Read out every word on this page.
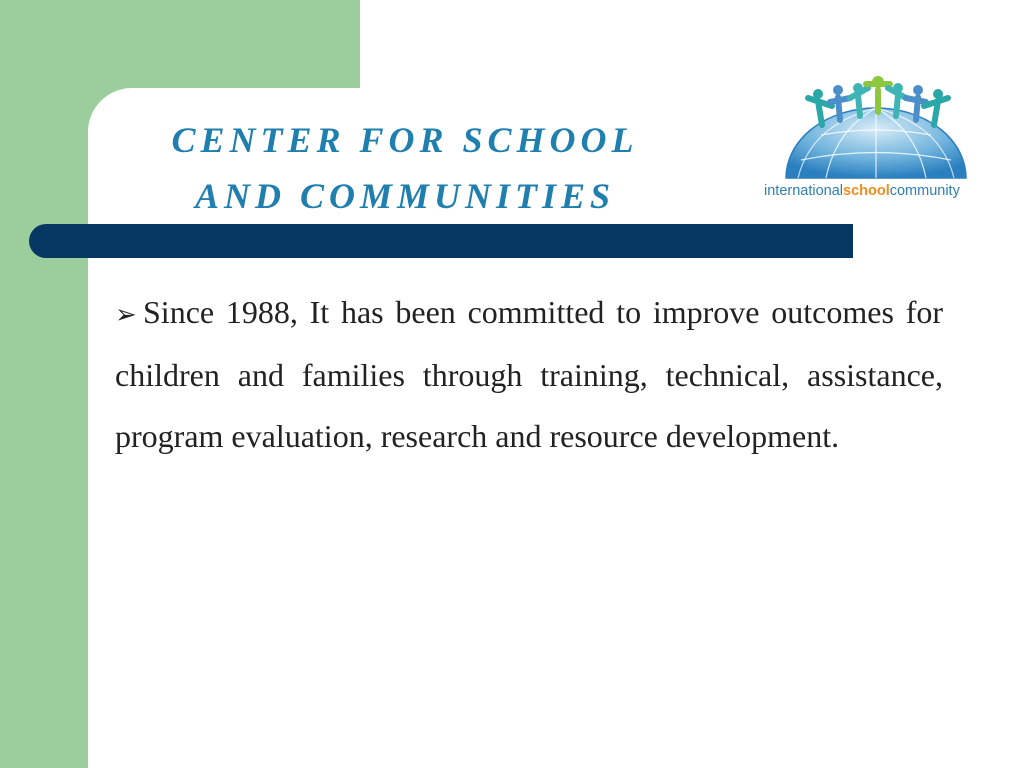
CENTER FOR SCHOOL
AND COMMUNITIES	internationalschoolcommunity
➢ Since 1988, It has been committed to improve outcomes for children and families through training, technical, assistance, program evaluation, research and resource development.
